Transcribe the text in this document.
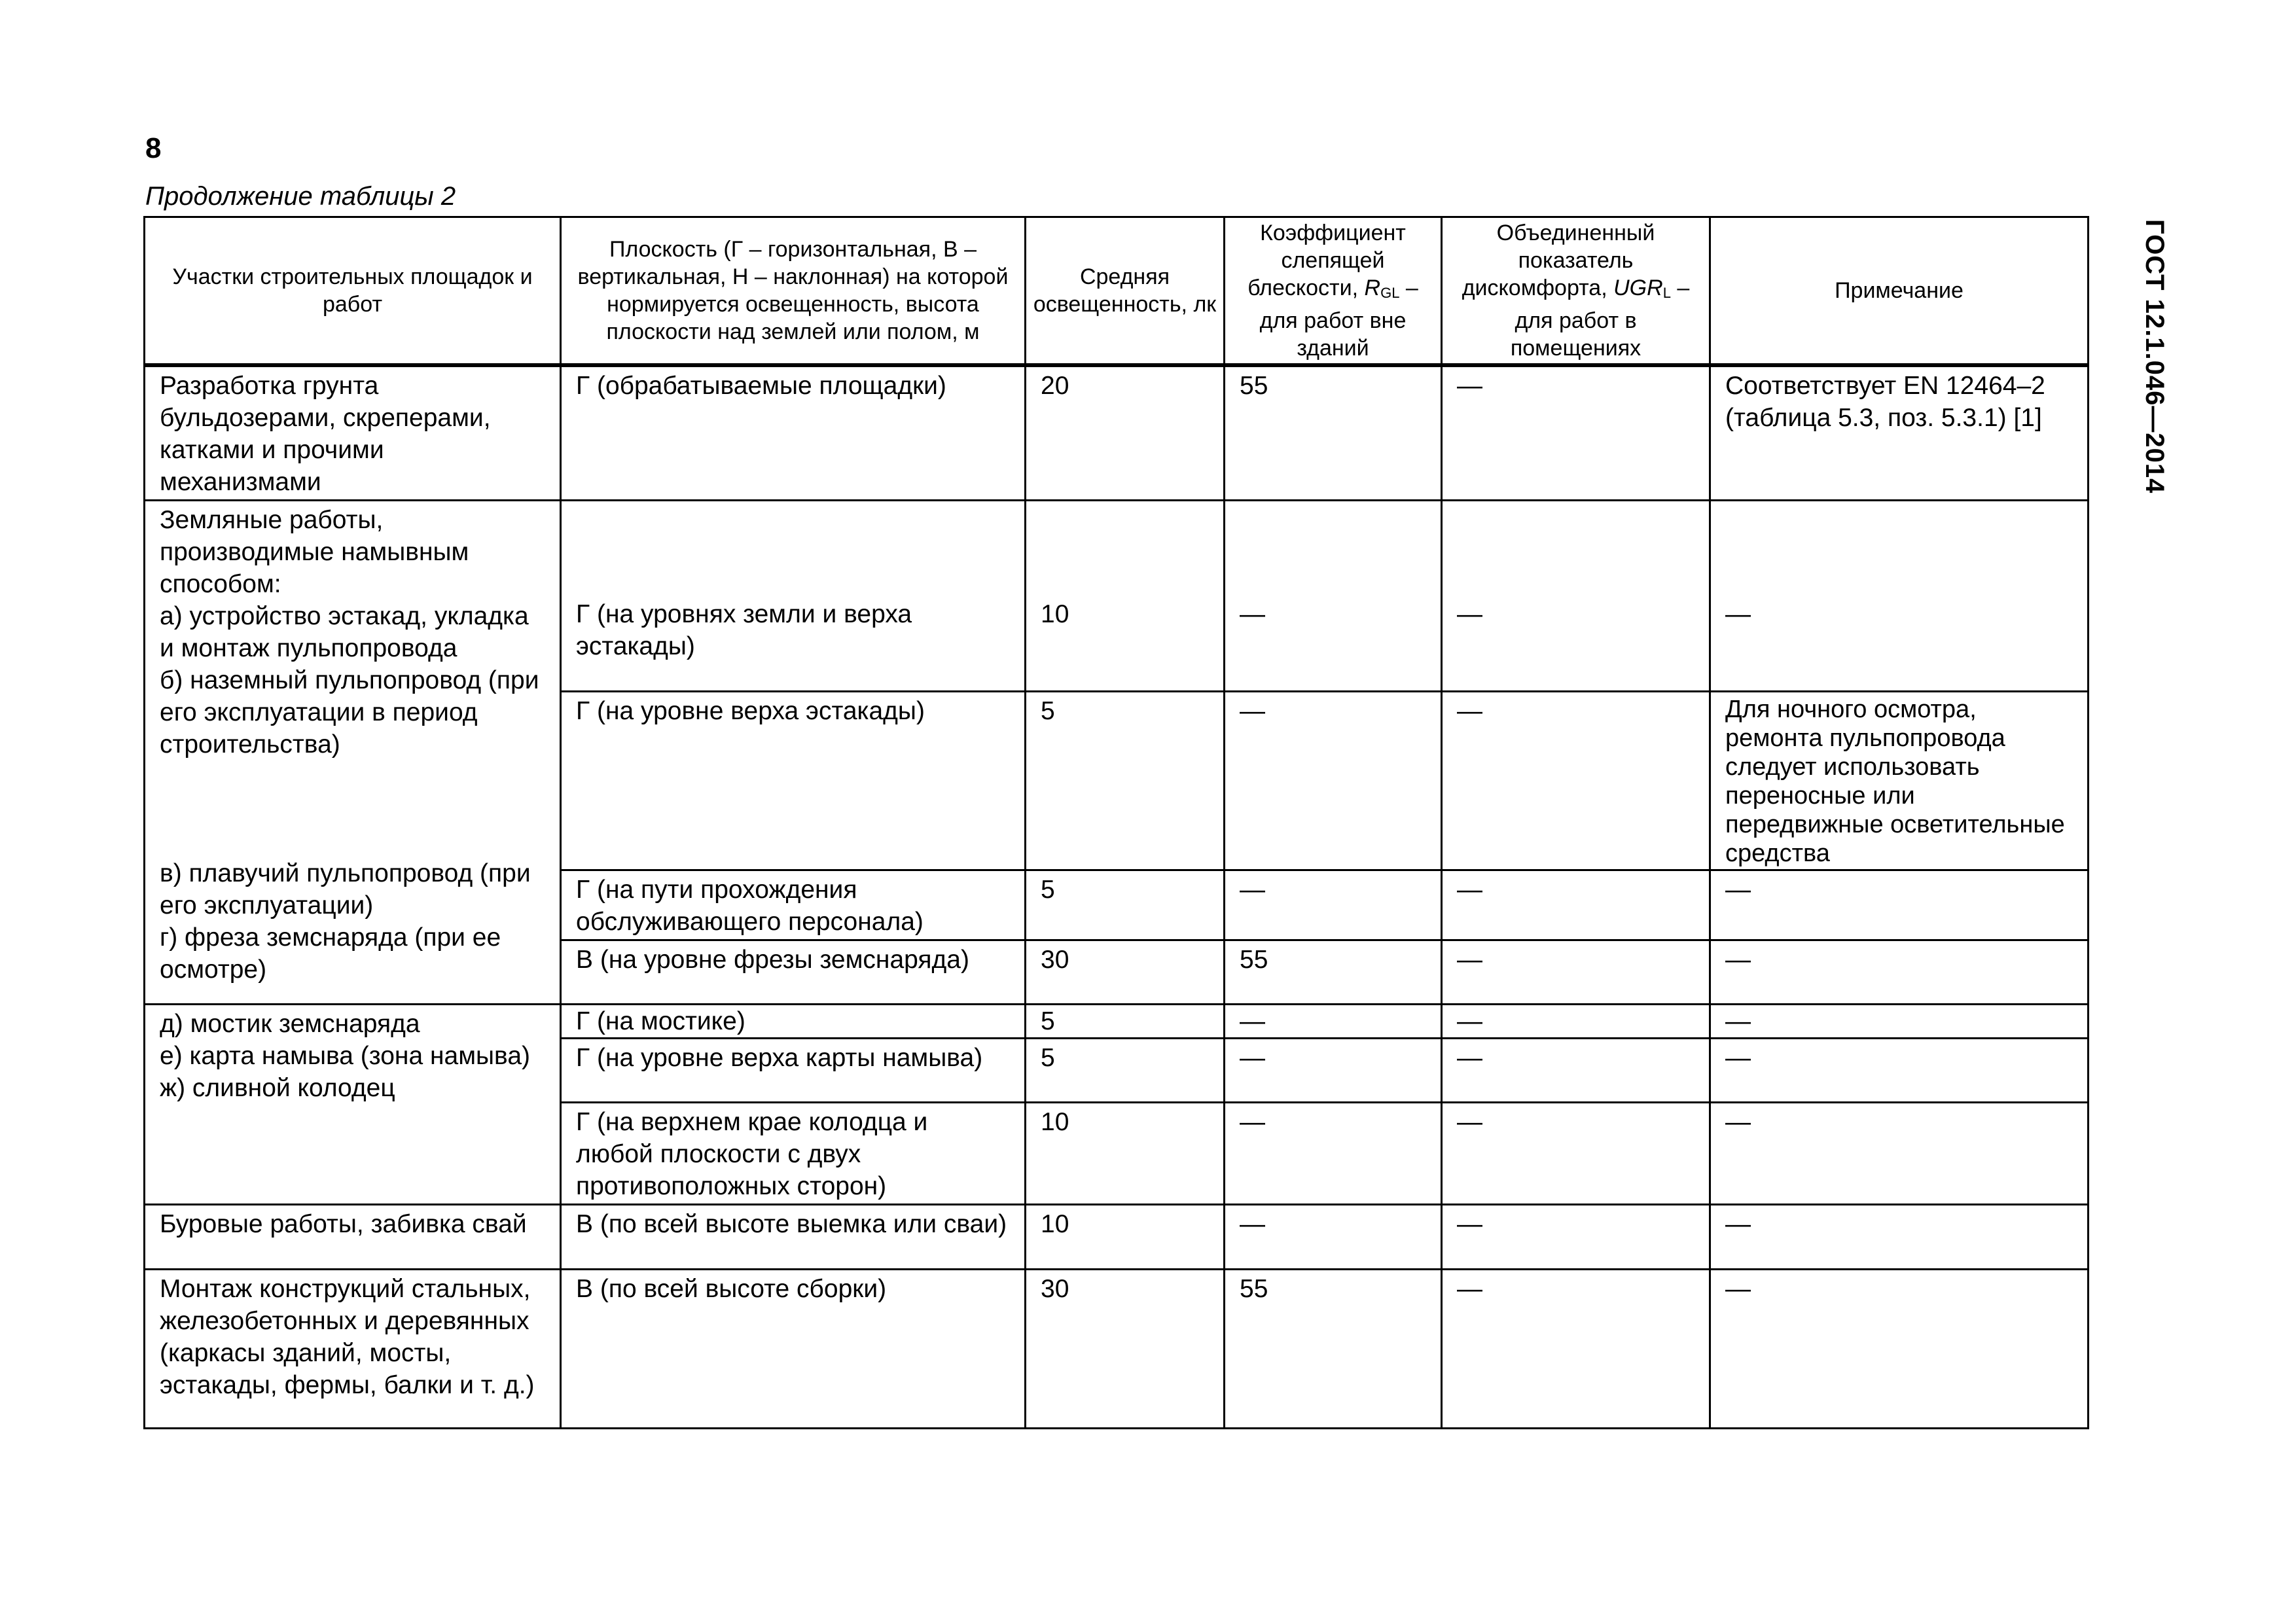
8
Продолжение таблицы 2
ГОСТ 12.1.046—2014
Участки строительных площадок и работ	Плоскость (Г – горизонтальная, В – вертикальная, Н – наклонная) на которой нормируется освещенность, высота плоскости над землей или полом, м	Средняя освещенность, лк	Коэффициент слепящей блескости, $R_{GL}$ – для работ вне зданий	Объединенный показатель дискомфорта, $UGR_L$ – для работ в помещениях	Примечание
Разработка грунта бульдозерами, скреперами, катками и прочими механизмами	Г (обрабатываемые площадки)	20	55	—	Соответствует EN 12464–2 (таблица 5.3, поз. 5.3.1) [1]

Земляные работы, производимые намывным способом:
а) устройство эстакад, укладка и монтаж пульпопровода
б) наземный пульпопровод (при его эксплуатации в период строительства)
в) плавучий пульпопровод (при его эксплуатации)
г) фреза земснаряда (при ее осмотре)	Г (на уровнях земли и верха эстакады)	10	—	—	—
	Г (на уровне верха эстакады)	5	—	—	Для ночного осмотра, ремонта пульпопровода следует использовать переносные или передвижные осветительные средства
	Г (на пути прохождения обслуживающего персонала)	5	—	—	—
	В (на уровне фрезы земснаряда)	30	55	—	—

д) мостик земснаряда
е) карта намыва (зона намыва)
ж) сливной колодец	Г (на мостике)	5	—	—	—
	Г (на уровне верха карты намыва)	5	—	—	—
	Г (на верхнем крае колодца и любой плоскости с двух противоположных сторон)	10	—	—	—
Буровые работы, забивка свай	В (по всей высоте выемка или сваи)	10	—	—	—
Монтаж конструкций стальных, железобетонных и деревянных (каркасы зданий, мосты, эстакады, фермы, балки и т. д.)	В (по всей высоте сборки)	30	55	—	—
